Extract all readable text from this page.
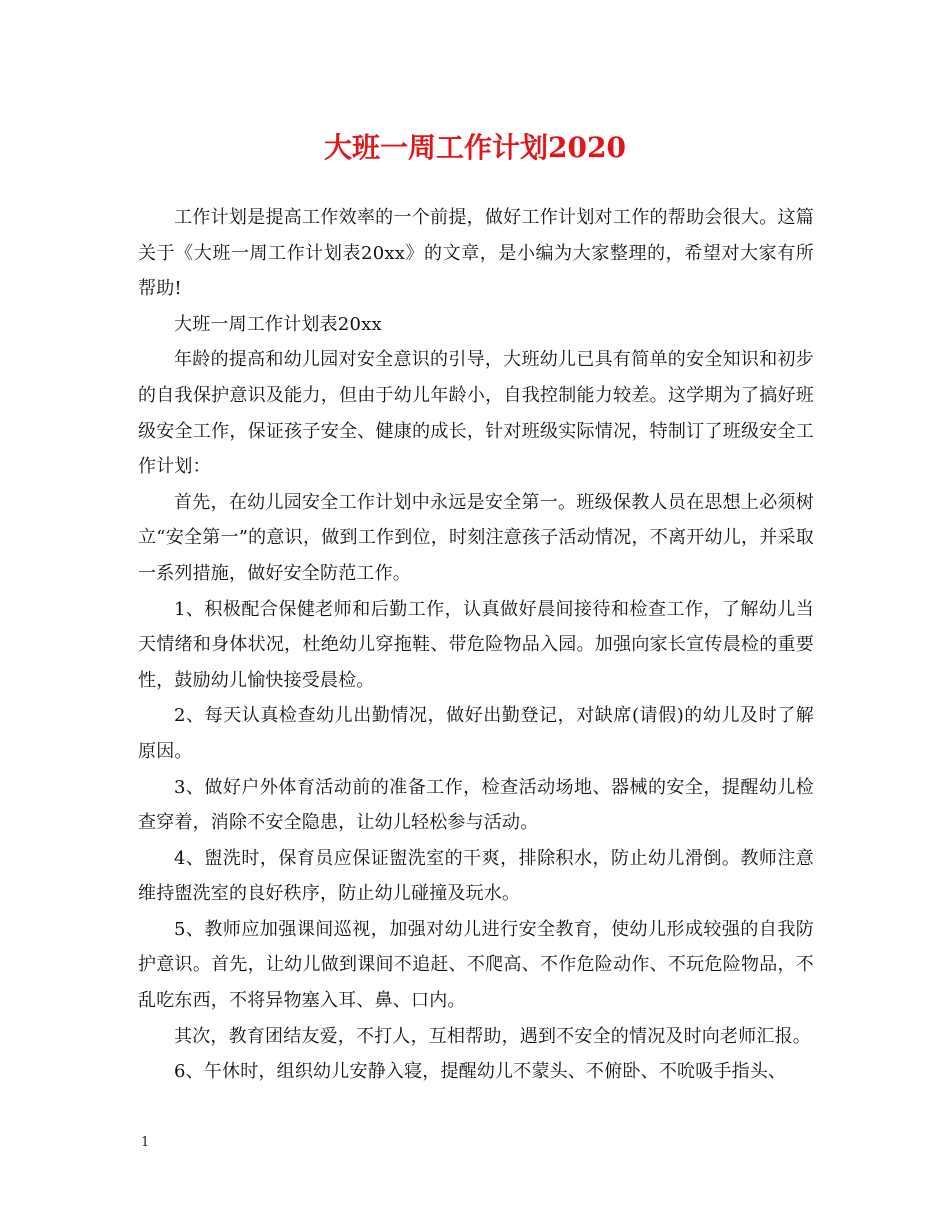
大班一周工作计划2020

工作计划是提高工作效率的一个前提，做好工作计划对工作的帮助会很大。这篇关于《大班一周工作计划表20xx》的文章，是小编为大家整理的，希望对大家有所帮助!

大班一周工作计划表20xx

年龄的提高和幼儿园对安全意识的引导，大班幼儿已具有简单的安全知识和初步的自我保护意识及能力，但由于幼儿年龄小，自我控制能力较差。这学期为了搞好班级安全工作，保证孩子安全、健康的成长，针对班级实际情况，特制订了班级安全工作计划：

首先，在幼儿园安全工作计划中永远是安全第一。班级保教人员在思想上必须树立“安全第一”的意识，做到工作到位，时刻注意孩子活动情况，不离开幼儿，并采取一系列措施，做好安全防范工作。

1、积极配合保健老师和后勤工作，认真做好晨间接待和检查工作，了解幼儿当天情绪和身体状况，杜绝幼儿穿拖鞋、带危险物品入园。加强向家长宣传晨检的重要性，鼓励幼儿愉快接受晨检。

2、每天认真检查幼儿出勤情况，做好出勤登记，对缺席(请假)的幼儿及时了解原因。

3、做好户外体育活动前的准备工作，检查活动场地、器械的安全，提醒幼儿检查穿着，消除不安全隐患，让幼儿轻松参与活动。

4、盥洗时，保育员应保证盥洗室的干爽，排除积水，防止幼儿滑倒。教师注意维持盥洗室的良好秩序，防止幼儿碰撞及玩水。

5、教师应加强课间巡视，加强对幼儿进行安全教育，使幼儿形成较强的自我防护意识。首先，让幼儿做到课间不追赶、不爬高、不作危险动作、不玩危险物品，不乱吃东西，不将异物塞入耳、鼻、口内。

其次，教育团结友爱，不打人，互相帮助，遇到不安全的情况及时向老师汇报。

6、午休时，组织幼儿安静入寝，提醒幼儿不蒙头、不俯卧、不吮吸手指头、

1
